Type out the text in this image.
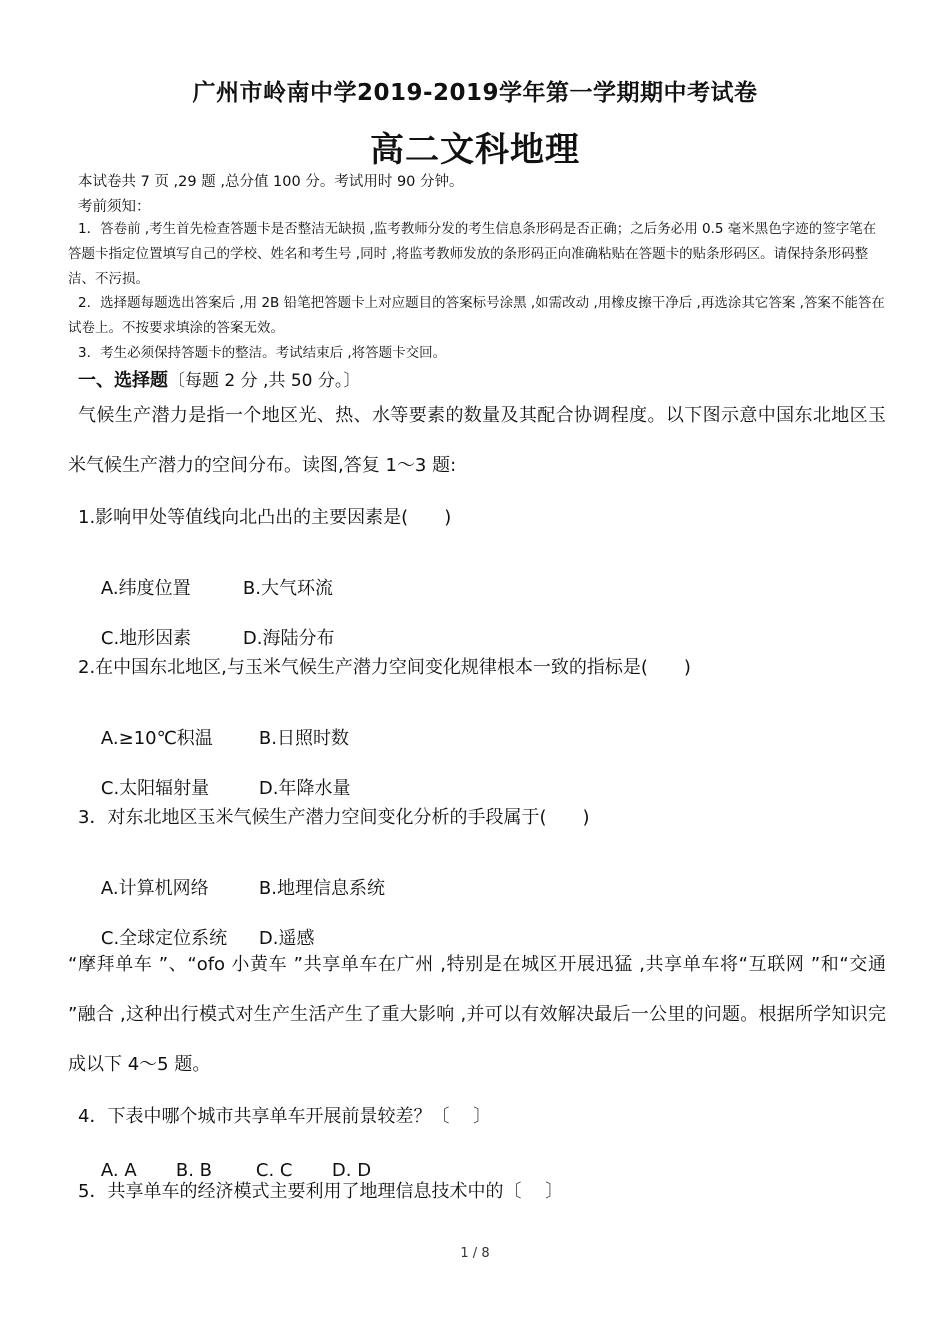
广州市岭南中学2019-2019学年第一学期期中考试卷
高二文科地理
本试卷共 7 页 ,29 题 ,总分值 100 分。考试用时 90 分钟。
考前须知：
1．答卷前 ,考生首先检查答题卡是否整洁无缺损 ,监考教师分发的考生信息条形码是否正确；之后务必用 0.5 毫米黑色字迹的签字笔在答题卡指定位置填写自己的学校、姓名和考生号 ,同时 ,将监考教师发放的条形码正向准确粘贴在答题卡的贴条形码区。请保持条形码整洁、不污损。
2．选择题每题选出答案后 ,用 2B 铅笔把答题卡上对应题目的答案标号涂黑 ,如需改动 ,用橡皮擦干净后 ,再选涂其它答案 ,答案不能答在试卷上。不按要求填涂的答案无效。
3．考生必须保持答题卡的整洁。考试结束后 ,将答题卡交回。
一、选择题〔每题 2 分 ,共 50 分。〕
气候生产潜力是指一个地区光、热、水等要素的数量及其配合协调程度。以下图示意中国东北地区玉米气候生产潜力的空间分布。读图,答复 1～3 题:
1.影响甲处等值线向北凸出的主要因素是(　　)

A.纬度位置	B.大气环流

C.地形因素	D.海陆分布

2.在中国东北地区,与玉米气候生产潜力空间变化规律根本一致的指标是(　　)

A.≥10℃积温	B.日照时数

C.太阳辐射量	D.年降水量

3．对东北地区玉米气候生产潜力空间变化分析的手段属于(　　)

A.计算机网络	B.地理信息系统

C.全球定位系统 D.遥感

“摩拜单车 ”、“ofo 小黄车 ”共享单车在广州 ,特别是在城区开展迅猛 ,共享单车将“互联网 ”和“交通 ”融合 ,这种出行模式对生产生活产生了重大影响 ,并可以有效解决最后一公里的问题。根据所学知识完成以下 4～5 题。
4．下表中哪个城市共享单车开展前景较差？〔　 〕

A. A B. B C. C D. D

5．共享单车的经济模式主要利用了地理信息技术中的〔　 〕
1 / 8
